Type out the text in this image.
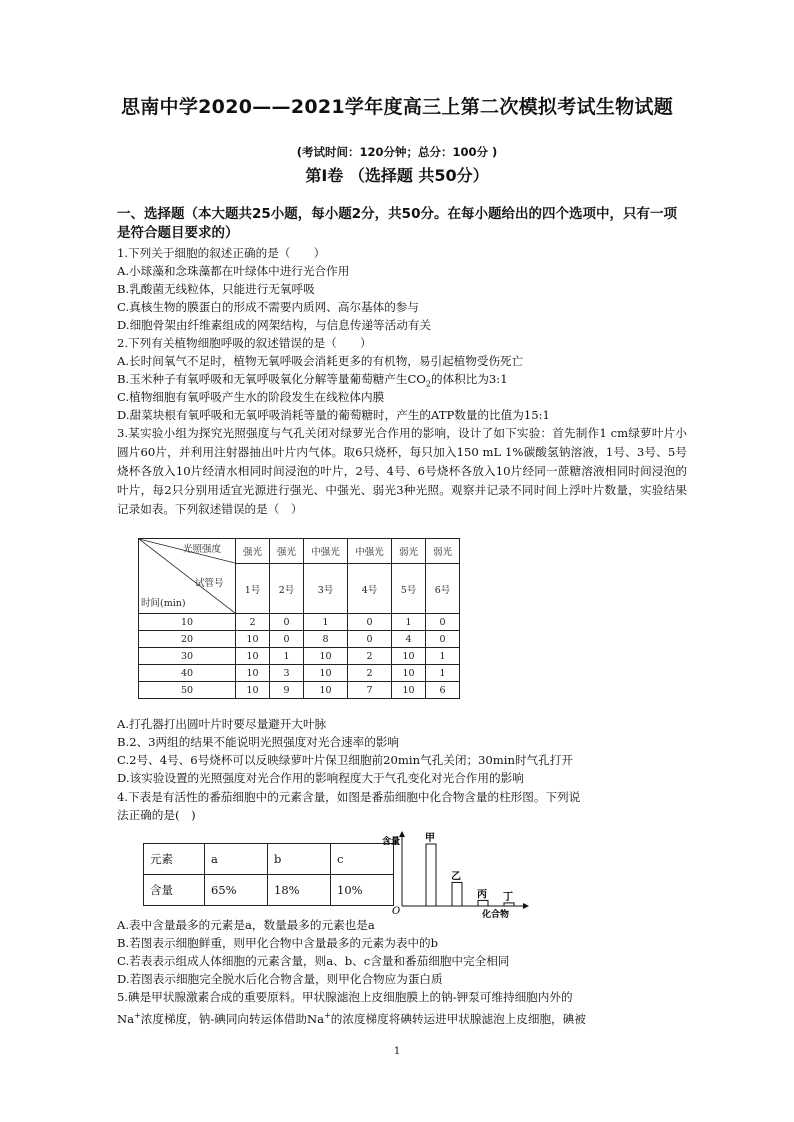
思南中学2020——2021学年度高三上第二次模拟考试生物试题
(考试时间：120分钟；总分：100分 )
第Ⅰ卷 （选择题 共50分）
一、选择题（本大题共25小题，每小题2分，共50分。在每小题给出的四个选项中，只有一项是符合题目要求的）
1.下列关于细胞的叙述正确的是（　　）
A.小球藻和念珠藻都在叶绿体中进行光合作用
B.乳酸菌无线粒体，只能进行无氧呼吸
C.真核生物的膜蛋白的形成不需要内质网、高尔基体的参与
D.细胞骨架由纤维素组成的网架结构，与信息传递等活动有关
2.下列有关植物细胞呼吸的叙述错误的是（　　）
A.长时间氧气不足时，植物无氧呼吸会消耗更多的有机物，易引起植物受伤死亡
B.玉米种子有氧呼吸和无氧呼吸氧化分解等量葡萄糖产生$CO_2$的体积比为3:1
C.植物细胞有氧呼吸产生水的阶段发生在线粒体内膜
D.甜菜块根有氧呼吸和无氧呼吸消耗等量的葡萄糖时，产生的ATP数量的比值为15:1
3.某实验小组为探究光照强度与气孔关闭对绿萝光合作用的影响，设计了如下实验：首先制作1 cm绿萝叶片小圆片60片，并利用注射器抽出叶片内气体。取6只烧杯，每只加入150 mL 1%碳酸氢钠溶液，1号、3号、5号烧杯各放入10片经清水相同时间浸泡的叶片，2号、4号、6号烧杯各放入10片经同一蔗糖溶液相同时间浸泡的叶片，每2只分别用适宜光源进行强光、中强光、弱光3种光照。观察并记录不同时间上浮叶片数量，实验结果记录如表。下列叙述错误的是（　）
光照强度
试管号
时间(min)	强光	强光	中强光	中强光	弱光	弱光
	1号	2号	3号	4号	5号	6号
10	2	0	1	0	1	0
20	10	0	8	0	4	0
30	10	1	10	2	10	1
40	10	3	10	2	10	1
50	10	9	10	7	10	6
A.打孔器打出圆叶片时要尽量避开大叶脉
B.2、3两组的结果不能说明光照强度对光合速率的影响
C.2号、4号、6号烧杯可以反映绿萝叶片保卫细胞前20min气孔关闭；30min时气孔打开
D.该实验设置的光照强度对光合作用的影响程度大于气孔变化对光合作用的影响
4.下表是有活性的番茄细胞中的元素含量，如图是番茄细胞中化合物含量的柱形图。下列说
法正确的是(　)
元素	a	b	c
含量	65%	18%	10%
含量
化合物
O
甲
乙
丙 丁
A.表中含量最多的元素是a，数量最多的元素也是a
B.若图表示细胞鲜重，则甲化合物中含量最多的元素为表中的b
C.若表表示组成人体细胞的元素含量，则a、b、c含量和番茄细胞中完全相同
D.若图表示细胞完全脱水后化合物含量，则甲化合物应为蛋白质
5.碘是甲状腺激素合成的重要原料。甲状腺滤泡上皮细胞膜上的钠-钾泵可维持细胞内外的
Na+浓度梯度，钠-碘同向转运体借助Na+的浓度梯度将碘转运进甲状腺滤泡上皮细胞，碘被
1
